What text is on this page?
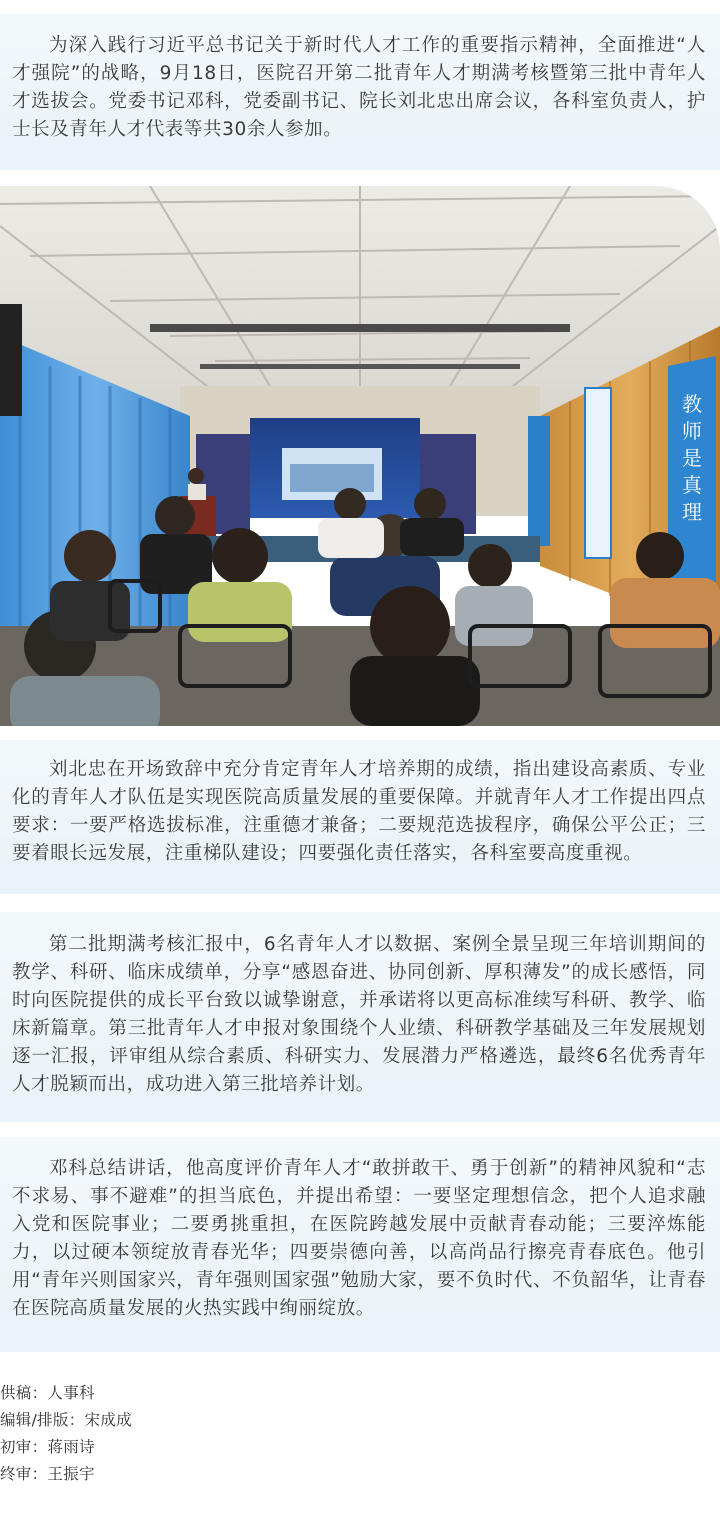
为深入践行习近平总书记关于新时代人才工作的重要指示精神，全面推进“人才强院”的战略，9月18日，医院召开第二批青年人才期满考核暨第三批中青年人才选拔会。党委书记邓科，党委副书记、院长刘北忠出席会议，各科室负责人，护士长及青年人才代表等共30余人参加。

教
师
是
真
理

刘北忠在开场致辞中充分肯定青年人才培养期的成绩，指出建设高素质、专业化的青年人才队伍是实现医院高质量发展的重要保障。并就青年人才工作提出四点要求：一要严格选拔标准，注重德才兼备；二要规范选拔程序，确保公平公正；三要着眼长远发展，注重梯队建设；四要强化责任落实，各科室要高度重视。

第二批期满考核汇报中，6名青年人才以数据、案例全景呈现三年培训期间的教学、科研、临床成绩单，分享“感恩奋进、协同创新、厚积薄发”的成长感悟，同时向医院提供的成长平台致以诚挚谢意，并承诺将以更高标准续写科研、教学、临床新篇章。第三批青年人才申报对象围绕个人业绩、科研教学基础及三年发展规划逐一汇报，评审组从综合素质、科研实力、发展潜力严格遴选，最终6名优秀青年人才脱颖而出，成功进入第三批培养计划。

邓科总结讲话，他高度评价青年人才“敢拼敢干、勇于创新”的精神风貌和“志不求易、事不避难”的担当底色，并提出希望：一要坚定理想信念，把个人追求融入党和医院事业；二要勇挑重担，在医院跨越发展中贡献青春动能；三要淬炼能力，以过硬本领绽放青春光华；四要崇德向善，以高尚品行擦亮青春底色。他引用“青年兴则国家兴，青年强则国家强”勉励大家，要不负时代、不负韶华，让青春在医院高质量发展的火热实践中绚丽绽放。

供稿：人事科
编辑/排版：宋成成
初审：蒋雨诗
终审：王振宇
